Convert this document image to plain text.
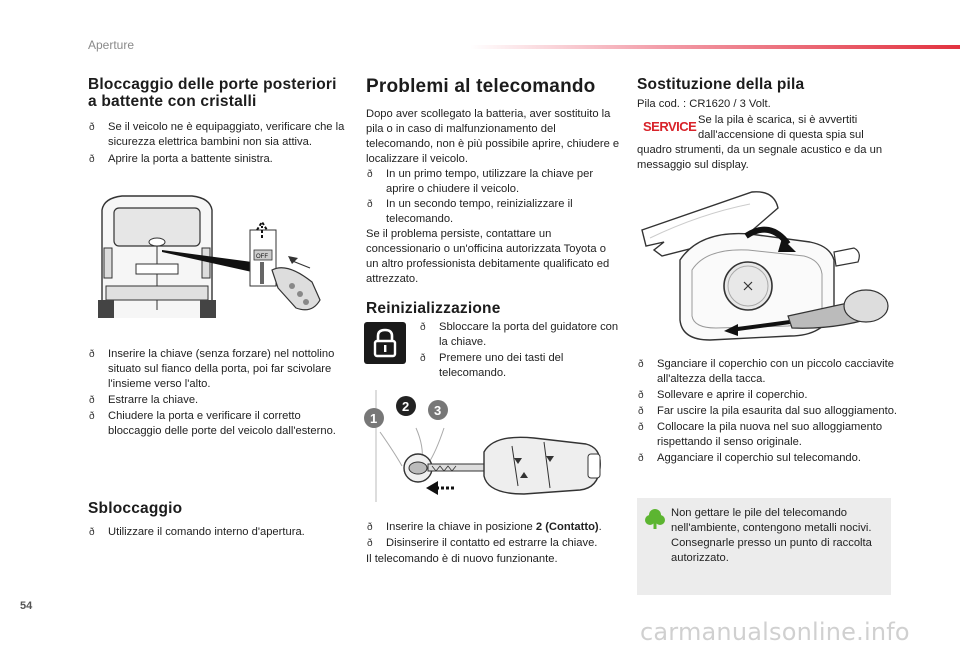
Aperture
Bloccaggio delle porte posteriori a battente con cristalli
ð Se il veicolo ne è equipaggiato, verificare che la sicurezza elettrica bambini non sia attiva.
ð Aprire la porta a battente sinistra.
OFF
ð Inserire la chiave (senza forzare) nel nottolino situato sul fianco della porta, poi far scivolare l'insieme verso l'alto.
ð Estrarre la chiave.
ð Chiudere la porta e verificare il corretto bloccaggio delle porte del veicolo dall'esterno.
Sbloccaggio
ð Utilizzare il comando interno d'apertura.
Problemi al telecomando
Dopo aver scollegato la batteria, aver sostituito la pila o in caso di malfunzionamento del telecomando, non è più possibile aprire, chiudere e localizzare il veicolo.
ð In un primo tempo, utilizzare la chiave per aprire o chiudere il veicolo.
ð In un secondo tempo, reinizializzare il telecomando.
Se il problema persiste, contattare un concessionario o un'officina autorizzata Toyota o un altro professionista debitamente qualificato ed attrezzato.
Reinizializzazione
ð Sbloccare la porta del guidatore con la chiave.
ð Premere uno dei tasti del telecomando.
1
2 3
ð Inserire la chiave in posizione 2 (Contatto).
ð Disinserire il contatto ed estrarre la chiave.
Il telecomando è di nuovo funzionante.
Sostituzione della pila
Pila cod. : CR1620 / 3 Volt.
SERVICE Se la pila è scarica, si è avvertiti
dall'accensione di questa spia sul
quadro strumenti, da un segnale acustico e da un messaggio sul display.
ð Sganciare il coperchio con un piccolo cacciavite all'altezza della tacca.
ð Sollevare e aprire il coperchio.
ð Far uscire la pila esaurita dal suo alloggiamento.
ð Collocare la pila nuova nel suo alloggiamento rispettando il senso originale.
ð Agganciare il coperchio sul telecomando.
Non gettare le pile del telecomando nell'ambiente, contengono metalli nocivi.
Consegnarle presso un punto di raccolta autorizzato.
54
carmanualsonline.info
